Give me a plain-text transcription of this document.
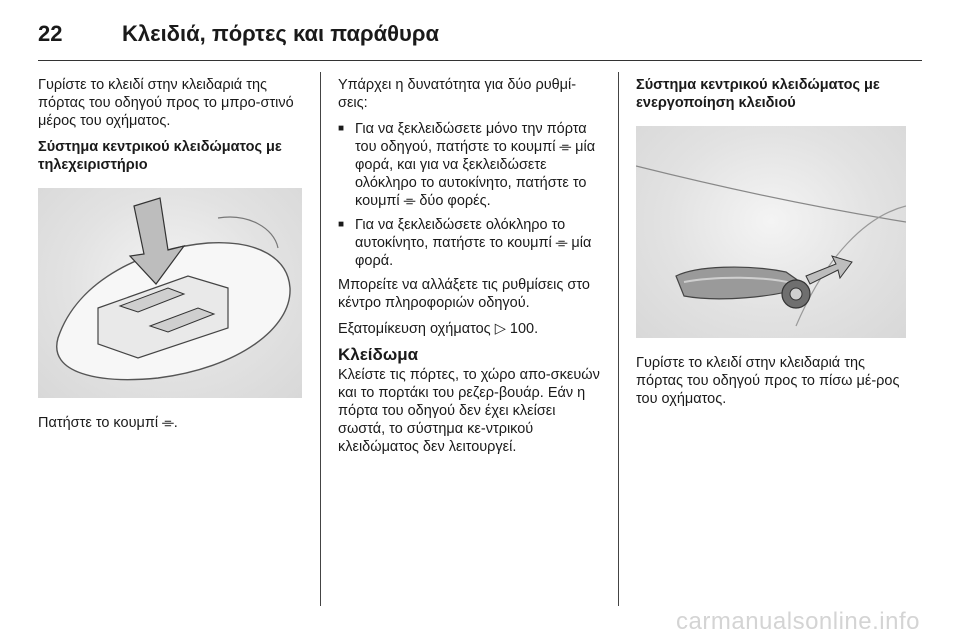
22	Κλειδιά, πόρτες και παράθυρα

Γυρίστε το κλειδί στην κλειδαριά της πόρτας του οδηγού προς το μπρο-στινό μέρος του οχήματος.

Σύστημα κεντρικού κλειδώματος με τηλεχειριστήριο

Πατήστε το κουμπί ⌯.

Υπάρχει η δυνατότητα για δύο ρυθμί-σεις:

■ Για να ξεκλειδώσετε μόνο την πόρτα του οδηγού, πατήστε το κουμπί ⌯ μία φορά, και για να ξεκλειδώσετε ολόκληρο το αυτοκίνητο, πατήστε το κουμπί ⌯ δύο φορές.
■ Για να ξεκλειδώσετε ολόκληρο το αυτοκίνητο, πατήστε το κουμπί ⌯ μία φορά.

Μπορείτε να αλλάξετε τις ρυθμίσεις στο κέντρο πληροφοριών οδηγού.

Εξατομίκευση οχήματος ▷ 100.

Κλείδωμα

Κλείστε τις πόρτες, το χώρο απο-σκευών και το πορτάκι του ρεζερ-βουάρ. Εάν η πόρτα του οδηγού δεν έχει κλείσει σωστά, το σύστημα κε-ντρικού κλειδώματος δεν λειτουργεί.

Σύστημα κεντρικού κλειδώματος με ενεργοποίηση κλειδιού

Γυρίστε το κλειδί στην κλειδαριά της πόρτας του οδηγού προς το πίσω μέ-ρος του οχήματος.

carmanualsonline.info
